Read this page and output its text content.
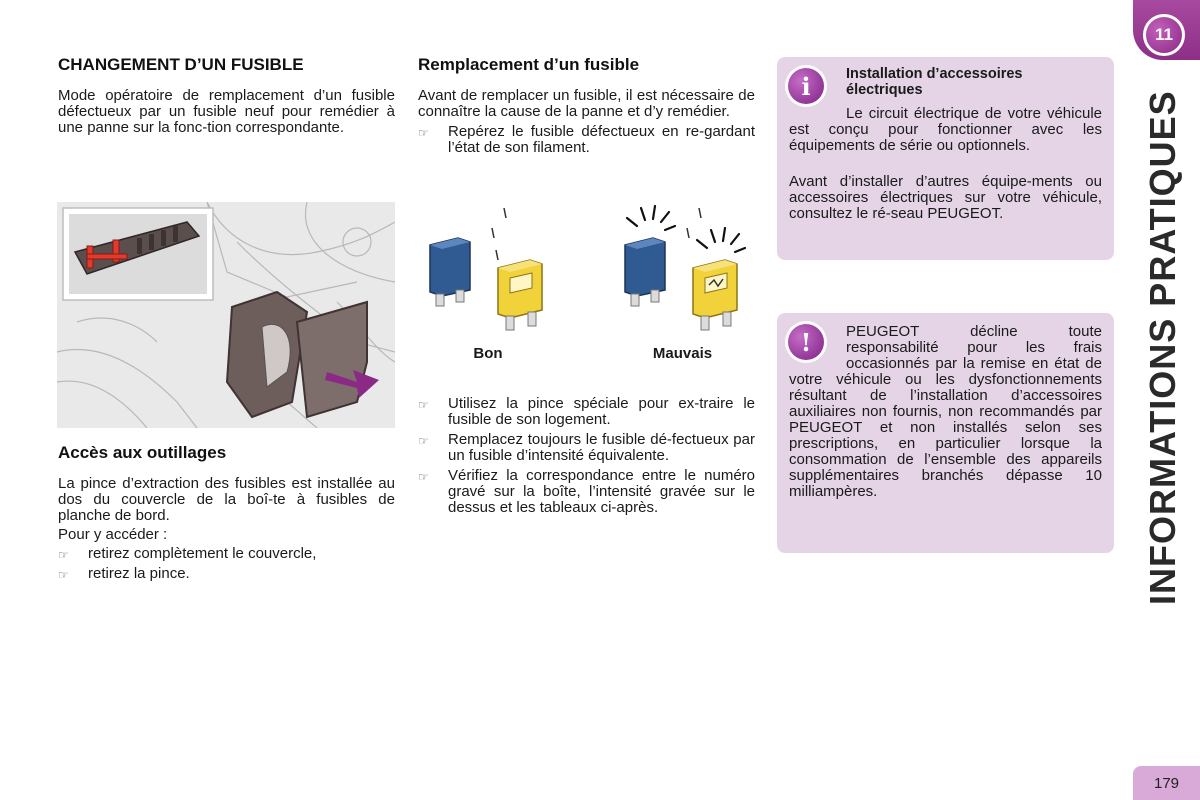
CHANGEMENT D’UN FUSIBLE

Mode opératoire de remplacement d’un fusible défectueux par un fusible neuf pour remédier à une panne sur la fonc-tion correspondante.

Accès aux outillages

La pince d’extraction des fusibles est installée au dos du couvercle de la boî-te à fusibles de planche de bord.

Pour y accéder :

☞ retirez complètement le couvercle,
☞ retirez la pince.
Remplacement d’un fusible

Avant de remplacer un fusible, il est nécessaire de connaître la cause de la panne et d’y remédier.

☞ Repérez le fusible défectueux en re-gardant l’état de son filament.
Bon	Mauvais
☞ Utilisez la pince spéciale pour ex-traire le fusible de son logement.
☞ Remplacez toujours le fusible dé-fectueux par un fusible d’intensité équivalente.
☞ Vérifiez la correspondance entre le numéro gravé sur la boîte, l’intensité gravée sur le dessus et les tableaux ci-après.
i	Installation d’accessoires électriques

Le circuit électrique de votre véhicule est conçu pour fonctionner avec les équipements de série ou optionnels.

Avant d’installer d’autres équipe-ments ou accessoires électriques sur votre véhicule, consultez le ré-seau PEUGEOT.

!	PEUGEOT décline toute responsabilité pour les frais occasionnés par la remise en état de votre véhicule ou les dysfonctionnements résultant de l’installation d’accessoires auxiliaires non fournis, non recommandés par PEUGEOT et non installés selon ses prescriptions, en particulier lorsque la consommation de l’ensemble des appareils supplémentaires branchés dépasse 10 milliampères.

11
INFORMATIONS PRATIQUES
179
